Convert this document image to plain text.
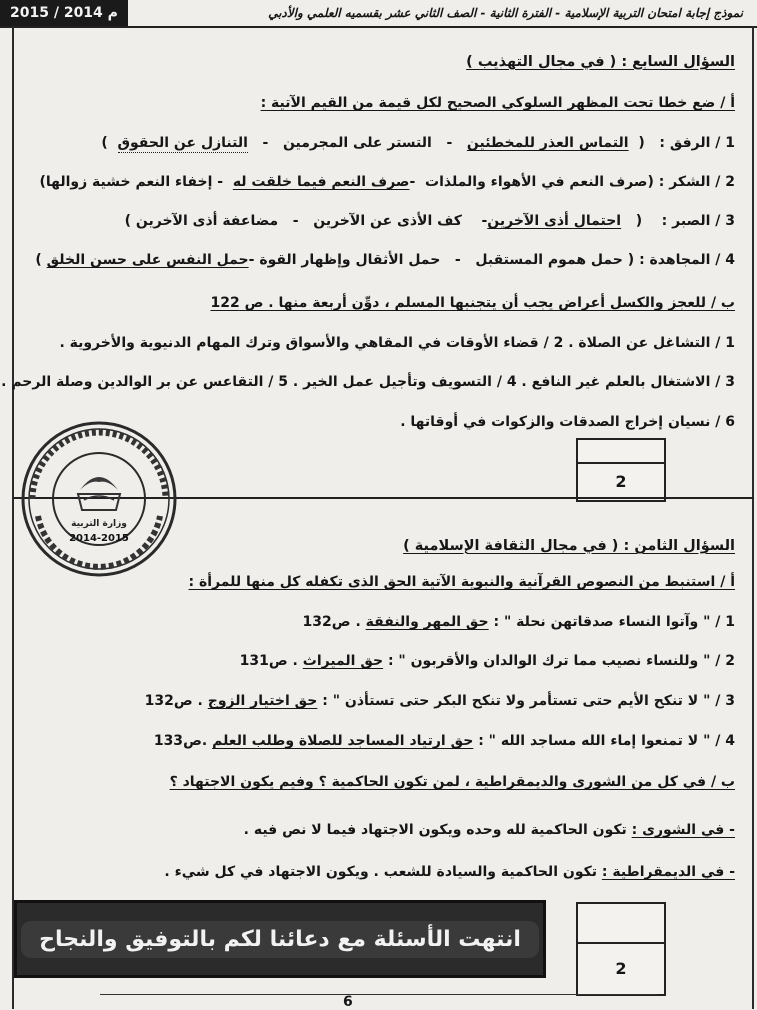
نموذج إجابة امتحان التربية الإسلامية - الفترة الثانية - الصف الثاني عشر بقسميه العلمي والأدبي
2015 / 2014 م
السؤال السابع : ( في مجال التهذيب )
أ / ضع خطا تحت المظهر السلوكي الصحيح لكل قيمة من القيم الآتية :
1 / الرفق :   (  التماس العذر للمخطئين   -   التستر على المجرمين   -   التنازل عن الحقوق  )
2 / الشكر : (صرف النعم في الأهواء والملذات  -صرف النعم فيما خلقت له  - إخفاء النعم خشية زوالها)
3 / الصبر :    (   احتمال أذى الآخرين-    كف الأذى عن الآخرين   -   مضاعفة أذى الآخرين )
4 / المجاهدة : ( حمل هموم المستقبل   -   حمل الأثقال وإظهار القوة -حمل النفس على حسن الخلق )
ب / للعجز والكسل أعراض يجب أن يتجنبها المسلم ، دوِّن أربعة منها . ص 122
1 / التشاغل عن الصلاة . 2 / قضاء الأوقات في المقاهي والأسواق وترك المهام الدنيوية والأخروية .
3 / الاشتغال بالعلم غير النافع . 4 / التسويف وتأجيل عمل الخير . 5 / التقاعس عن بر الوالدين وصلة الرحم .
6 / نسيان إخراج الصدقات والزكوات في أوقاتها .
2
وزارة التربية
2014-2015	السؤال الثامن : ( في مجال الثقافة الإسلامية )
أ / استنبط من النصوص القرآنية والنبوية الآتية الحق الذى تكفله كل منها للمرأة :
1 / " وآتوا النساء صدقاتهن نحلة " : حق المهر والنفقة . ص132
2 / " وللنساء نصيب مما ترك الوالدان والأقربون " : حق الميراث . ص131
3 / " لا تنكح الأيم حتى تستأمر ولا تنكح البكر حتى تستأذن " : حق اختيار الزوج . ص132
4 / " لا تمنعوا إماء الله مساجد الله " : حق ارتياد المساجد للصلاة وطلب العلم .ص133
ب / في كل من الشورى والديمقراطية ، لمن تكون الحاكمية ؟ وفيم يكون الاجتهاد ؟
- في الشورى : تكون الحاكمية لله وحده ويكون الاجتهاد فيما لا نص فيه .
- في الديمقراطية : تكون الحاكمية والسيادة للشعب . ويكون الاجتهاد في كل شيء .
2
انتهت الأسئلة مع دعائنا لكم بالتوفيق والنجاح
6
